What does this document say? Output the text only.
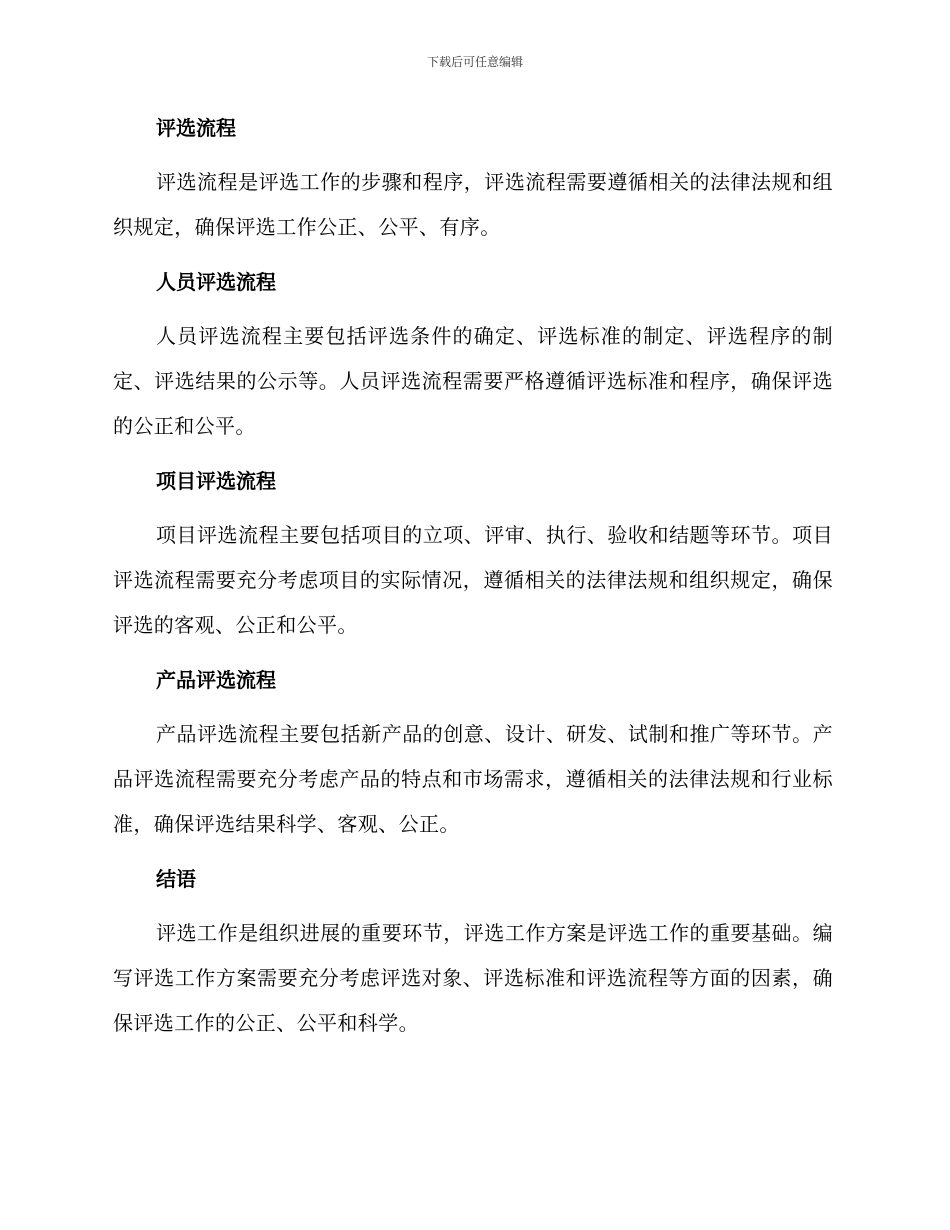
下载后可任意编辑
评选流程

评选流程是评选工作的步骤和程序，评选流程需要遵循相关的法律法规和组织规定，确保评选工作公正、公平、有序。

人员评选流程

人员评选流程主要包括评选条件的确定、评选标准的制定、评选程序的制定、评选结果的公示等。人员评选流程需要严格遵循评选标准和程序，确保评选的公正和公平。

项目评选流程

项目评选流程主要包括项目的立项、评审、执行、验收和结题等环节。项目评选流程需要充分考虑项目的实际情况，遵循相关的法律法规和组织规定，确保评选的客观、公正和公平。

产品评选流程

产品评选流程主要包括新产品的创意、设计、研发、试制和推广等环节。产品评选流程需要充分考虑产品的特点和市场需求，遵循相关的法律法规和行业标准，确保评选结果科学、客观、公正。

结语

评选工作是组织进展的重要环节，评选工作方案是评选工作的重要基础。编写评选工作方案需要充分考虑评选对象、评选标准和评选流程等方面的因素，确保评选工作的公正、公平和科学。
